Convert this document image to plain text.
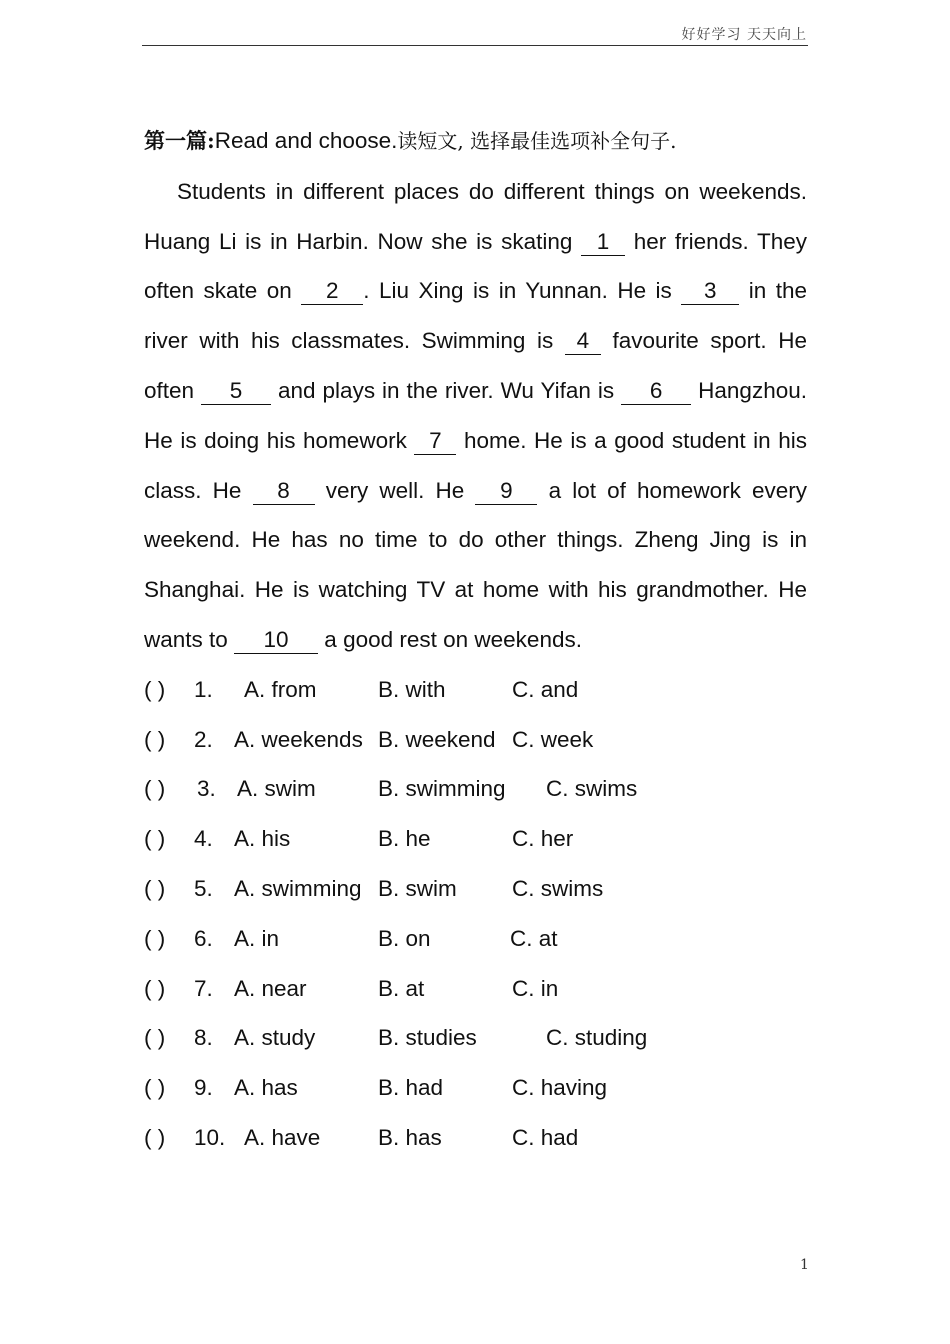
好好学习 天天向上

第一篇:Read and choose.读短文, 选择最佳选项补全句子.

Students in different places do different things on weekends. Huang Li is in Harbin. Now she is skating 1 her friends. They often skate on 2 . Liu Xing is in Yunnan. He is 3 in the river with his classmates. Swimming is 4 favourite sport. He often 5 and plays in the river. Wu Yifan is 6 Hangzhou. He is doing his homework 7 home. He is a good student in his class. He 8 very well. He 9 a lot of homework every weekend. He has no time to do other things. Zheng Jing is in Shanghai. He is watching TV at home with his grandmother. He wants to 10 a good rest on weekends.

( ) 1. A. from	B. with	C. and
( ) 2. A. weekends B. weekend C. week
( ) 3. A. swim	B. swimming C. swims
( ) 4. A. his	B. he	C. her
( ) 5. A. swimming B. swim C. swims
( ) 6. A. in	B. on	C. at
( ) 7. A. near	B. at	C. in
( ) 8. A. study	B. studies	C. studing
( ) 9. A. has	B. had	C. having
( ) 10. A. have	B. has	C. had
1
